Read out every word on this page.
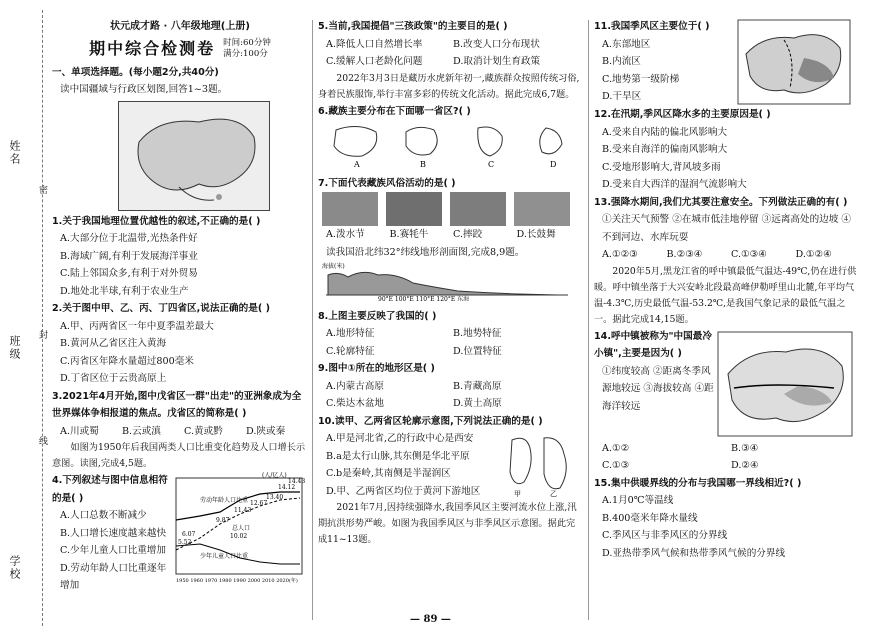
姓名
班级
学校
密
封
线
状元成才路 · 八年级地理(上册)
期中综合检测卷 时间:60分钟
满分:100分
一、单项选择题。(每小题2分,共40分)
读中国疆域与行政区划图,回答1~3题。
1.关于我国地理位置优越性的叙述,不正确的是( )
A.大部分位于北温带,光热条件好
B.海域广阔,有利于发展海洋事业
C.陆上邻国众多,有利于对外贸易
D.地处北半球,有利于农业生产
2.关于图中甲、乙、丙、丁四省区,说法正确的是( )
A.甲、丙两省区一年中夏季温差最大
B.黄河从乙省区注入黄海
C.丙省区年降水量超过800毫米
D.丁省区位于云贵高原上
3.2021年4月开始,图中戊省区一群"出走"的亚洲象成为全世界媒体争相报道的焦点。戊省区的简称是( )
A.川或蜀	B.云或滇	C.黄或黔	D.陕或秦
如图为1950年后我国两类人口比重变化趋势及人口增长示意图。读图,完成4,5题。
4.下列叙述与图中信息相符的是( )
A.人口总数不断减少
B.人口增长速度越来越快
C.少年儿童人口比重增加
D.劳动年龄人口比重逐年增加
(人/亿人)
劳动年龄人口比重
总人口
少年儿童人口比重
5.52
9.87
11.43
12.67
13.40
14.12
14.43
10.02
6.07
1950 1960 1970 1980 1990 2000 2010 2020(年)
5.当前,我国提倡"三孩政策"的主要目的是( )
A.降低人口自然增长率	B.改变人口分布现状
C.缓解人口老龄化问题	D.取消计划生育政策
2022年3月3日是藏历水虎新年初一,藏族群众按照传统习俗,身着民族服饰,举行丰富多彩的传统文化活动。据此完成6,7题。
6.藏族主要分布在下面哪一省区?( )
A	B	C	D
7.下面代表藏族风俗活动的是( )
A.泼水节	B.赛牦牛	C.摔跤	D.长鼓舞
读我国沿北纬32°纬线地形剖面图,完成8,9题。
海拔(米)
90°E 100°E 110°E 120°E 东海
8.上图主要反映了我国的( )
A.地形特征	B.地势特征
C.轮廓特征	D.位置特征
9.图中①所在的地形区是( )
A.内蒙古高原	B.青藏高原
C.柴达木盆地	D.黄土高原
10.读甲、乙两省区轮廓示意图,下列说法正确的是( )
A.甲是河北省,乙的行政中心是西安
B.a是太行山脉,其东侧是华北平原
C.b是秦岭,其南侧是半湿润区
D.甲、乙两省区均位于黄河下游地区	甲	乙
2021年7月,因持续强降水,我国季风区主要河流水位上涨,汛期抗洪形势严峻。如图为我国季风区与非季风区示意图。据此完成11~13题。
11.我国季风区主要位于( )
A.东部地区
B.内流区
C.地势第一级阶梯
D.干旱区
12.在汛期,季风区降水多的主要原因是( )
A.受来自内陆的偏北风影响大
B.受来自海洋的偏南风影响大
C.受地形影响大,背风坡多雨
D.受来自大西洋的湿润气流影响大
13.强降水期间,我们尤其要注意安全。下列做法正确的有( )
①关注天气预警 ②在城市低洼地停留 ③远离高处的边坡 ④不到河边、水库玩耍
A.①②③	B.②③④	C.①③④	D.①②④
2020年5月,黑龙江省的呼中镇最低气温达-49℃,仍在进行供暖。呼中镇坐落于大兴安岭北段最高峰伊勒呼里山北麓,年平均气温-4.3℃,历史最低气温-53.2℃,是我国气象记录的最低气温之一。据此完成14,15题。
14.呼中镇被称为"中国最冷小镇",主要是因为( )
①纬度较高 ②距离冬季风源地较远 ③海拔较高 ④距海洋较远
A.①②	B.③④
C.①③	D.②④
15.集中供暖界线的分布与我国哪一界线相近?( )
A.1月0℃等温线
B.400毫米年降水量线
C.季风区与非季风区的分界线
D.亚热带季风气候和热带季风气候的分界线
— 89 —
